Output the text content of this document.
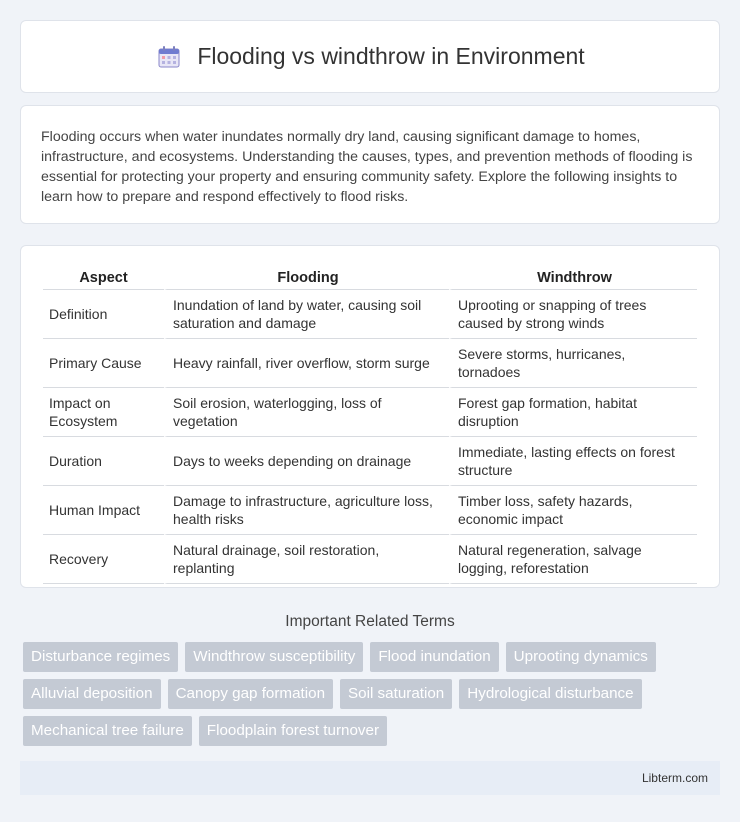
Flooding vs windthrow in Environment

Flooding occurs when water inundates normally dry land, causing significant damage to homes, infrastructure, and ecosystems. Understanding the causes, types, and prevention methods of flooding is essential for protecting your property and ensuring community safety. Explore the following insights to learn how to prepare and respond effectively to flood risks.

Aspect	Flooding	Windthrow
Definition	Inundation of land by water, causing soil saturation and damage	Uprooting or snapping of trees caused by strong winds
Primary Cause	Heavy rainfall, river overflow, storm surge	Severe storms, hurricanes, tornadoes
Impact on Ecosystem	Soil erosion, waterlogging, loss of vegetation	Forest gap formation, habitat disruption
Duration	Days to weeks depending on drainage	Immediate, lasting effects on forest structure
Human Impact	Damage to infrastructure, agriculture loss, health risks	Timber loss, safety hazards, economic impact
Recovery	Natural drainage, soil restoration, replanting	Natural regeneration, salvage logging, reforestation
Important Related Terms
Disturbance regimes	Windthrow susceptibility	Flood inundation	Uprooting dynamics
Alluvial deposition	Canopy gap formation	Soil saturation	Hydrological disturbance
Mechanical tree failure	Floodplain forest turnover
Libterm.com
